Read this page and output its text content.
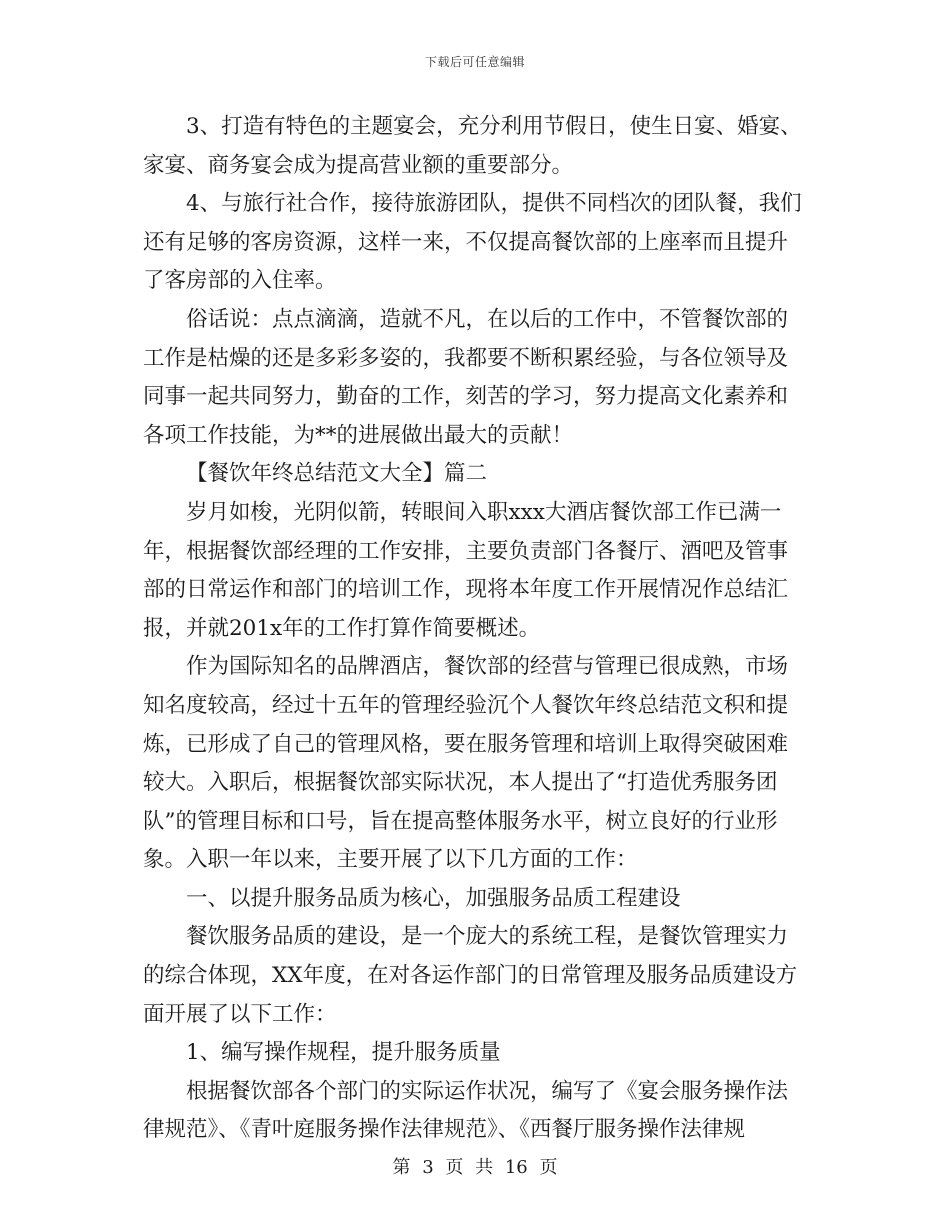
下载后可任意编辑
3、打造有特色的主题宴会，充分利用节假日，使生日宴、婚宴、
家宴、商务宴会成为提高营业额的重要部分。
4、与旅行社合作，接待旅游团队，提供不同档次的团队餐，我们
还有足够的客房资源，这样一来，不仅提高餐饮部的上座率而且提升
了客房部的入住率。
俗话说：点点滴滴，造就不凡，在以后的工作中，不管餐饮部的
工作是枯燥的还是多彩多姿的，我都要不断积累经验，与各位领导及
同事一起共同努力，勤奋的工作，刻苦的学习，努力提高文化素养和
各项工作技能，为**的进展做出最大的贡献！
【餐饮年终总结范文大全】篇二
岁月如梭，光阴似箭，转眼间入职xxx大酒店餐饮部工作已满一
年，根据餐饮部经理的工作安排，主要负责部门各餐厅、酒吧及管事
部的日常运作和部门的培训工作，现将本年度工作开展情况作总结汇
报，并就201x年的工作打算作简要概述。
作为国际知名的品牌酒店，餐饮部的经营与管理已很成熟，市场
知名度较高，经过十五年的管理经验沉个人餐饮年终总结范文积和提
炼，已形成了自己的管理风格，要在服务管理和培训上取得突破困难
较大。入职后，根据餐饮部实际状况，本人提出了“打造优秀服务团
队”的管理目标和口号，旨在提高整体服务水平，树立良好的行业形
象。入职一年以来，主要开展了以下几方面的工作：
一、以提升服务品质为核心，加强服务品质工程建设
餐饮服务品质的建设，是一个庞大的系统工程，是餐饮管理实力
的综合体现，XX年度，在对各运作部门的日常管理及服务品质建设方
面开展了以下工作：
1、编写操作规程，提升服务质量
根据餐饮部各个部门的实际运作状况，编写了《宴会服务操作法
律规范》、《青叶庭服务操作法律规范》、《西餐厅服务操作法律规
第 3 页 共 16 页
